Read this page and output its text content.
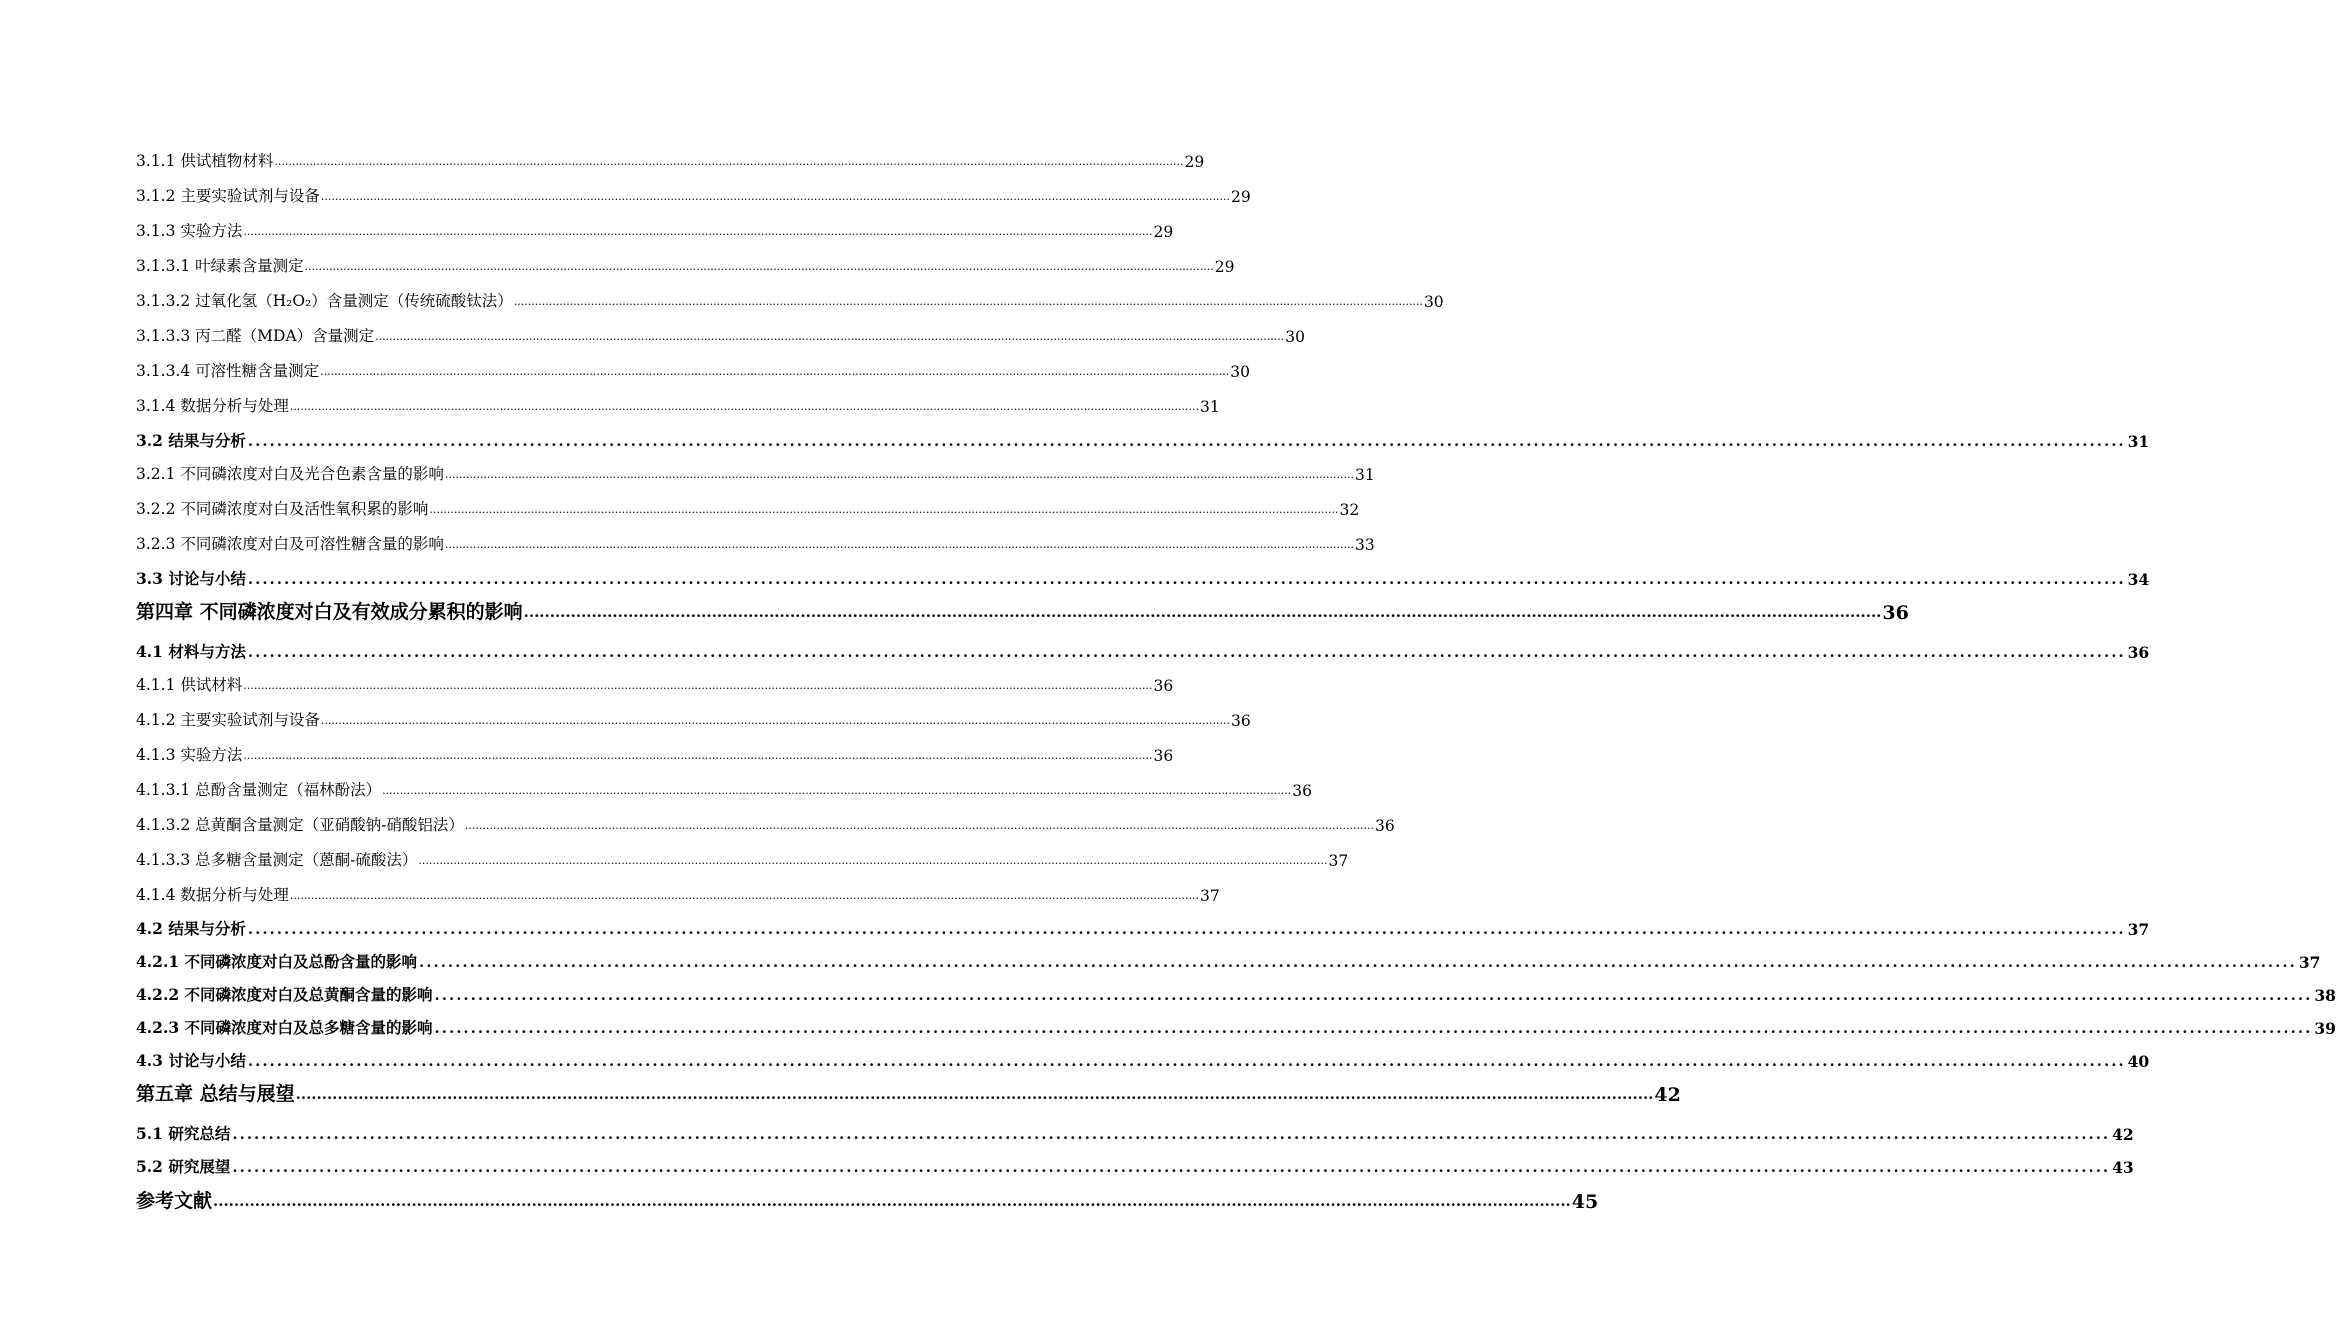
3.1.1 供试植物材料 .................................................................................................................................................................................................................................................................... 29
3.1.2 主要实验试剂与设备 .................................................................................................................................................................................................................................................................... 29
3.1.3 实验方法 .................................................................................................................................................................................................................................................................... 29
3.1.3.1 叶绿素含量测定 .................................................................................................................................................................................................................................................................... 29
3.1.3.2 过氧化氢（H₂O₂）含量测定（传统硫酸钛法） .................................................................................................................................................................................................................................................................... 30
3.1.3.3 丙二醛（MDA）含量测定 .................................................................................................................................................................................................................................................................... 30
3.1.3.4 可溶性糖含量测定 .................................................................................................................................................................................................................................................................... 30
3.1.4 数据分析与处理 .................................................................................................................................................................................................................................................................... 31
3.2 结果与分析 .................................................................................................................................................................................................................................................................... 31
3.2.1 不同磷浓度对白及光合色素含量的影响 .................................................................................................................................................................................................................................................................... 31
3.2.2 不同磷浓度对白及活性氧积累的影响 .................................................................................................................................................................................................................................................................... 32
3.2.3 不同磷浓度对白及可溶性糖含量的影响 .................................................................................................................................................................................................................................................................... 33
3.3 讨论与小结 .................................................................................................................................................................................................................................................................... 34
第四章 不同磷浓度对白及有效成分累积的影响 .................................................................................................................................................................................................................................................................... 36
4.1 材料与方法 .................................................................................................................................................................................................................................................................... 36
4.1.1 供试材料 .................................................................................................................................................................................................................................................................... 36
4.1.2 主要实验试剂与设备 .................................................................................................................................................................................................................................................................... 36
4.1.3 实验方法 .................................................................................................................................................................................................................................................................... 36
4.1.3.1 总酚含量测定（福林酚法） .................................................................................................................................................................................................................................................................... 36
4.1.3.2 总黄酮含量测定（亚硝酸钠-硝酸铝法） .................................................................................................................................................................................................................................................................... 36
4.1.3.3 总多糖含量测定（蒽酮-硫酸法） .................................................................................................................................................................................................................................................................... 37
4.1.4 数据分析与处理 .................................................................................................................................................................................................................................................................... 37
4.2 结果与分析 .................................................................................................................................................................................................................................................................... 37
4.2.1 不同磷浓度对白及总酚含量的影响 .................................................................................................................................................................................................................................................................... 37
4.2.2 不同磷浓度对白及总黄酮含量的影响 .................................................................................................................................................................................................................................................................... 38
4.2.3 不同磷浓度对白及总多糖含量的影响 .................................................................................................................................................................................................................................................................... 39
4.3 讨论与小结 .................................................................................................................................................................................................................................................................... 40
第五章 总结与展望 .................................................................................................................................................................................................................................................................... 42
5.1 研究总结 .................................................................................................................................................................................................................................................................... 42
5.2 研究展望 .................................................................................................................................................................................................................................................................... 43
参考文献 .................................................................................................................................................................................................................................................................... 45
